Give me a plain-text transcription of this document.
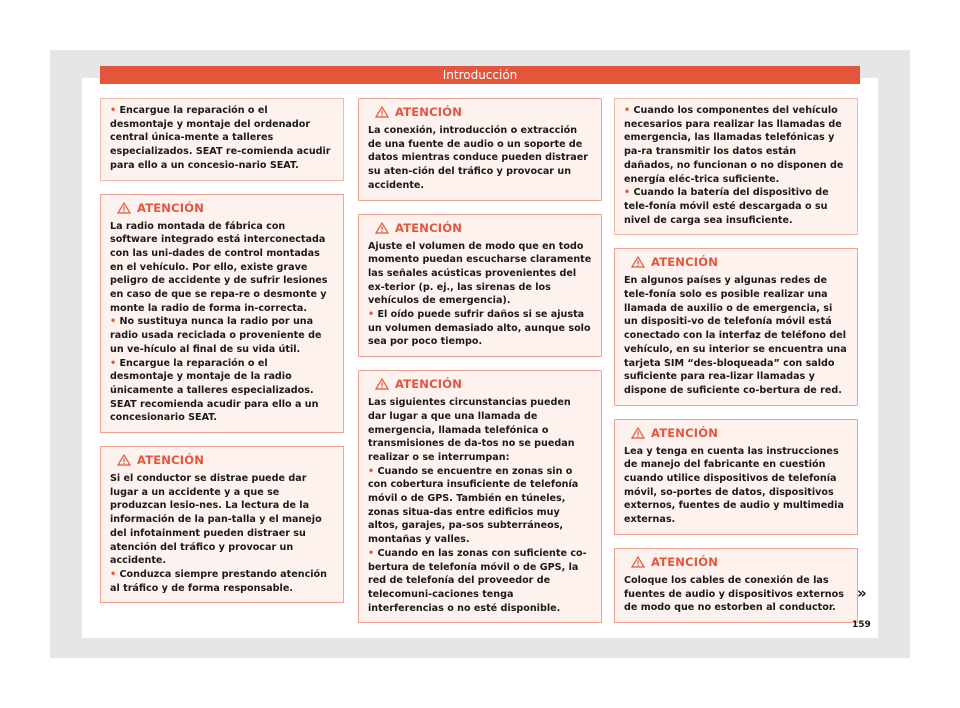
Introducción

• Encargue la reparación o el desmontaje y montaje del ordenador central única-mente a talleres especializados. SEAT re-comienda acudir para ello a un concesio-nario SEAT.

ATENCIÓN

La radio montada de fábrica con software integrado está interconectada con las uni-dades de control montadas en el vehículo. Por ello, existe grave peligro de accidente y de sufrir lesiones en caso de que se repa-re o desmonte y monte la radio de forma in-correcta.

• No sustituya nunca la radio por una radio usada reciclada o proveniente de un ve-hículo al final de su vida útil.

• Encargue la reparación o el desmontaje y montaje de la radio únicamente a talleres especializados. SEAT recomienda acudir para ello a un concesionario SEAT.

ATENCIÓN

Si el conductor se distrae puede dar lugar a un accidente y a que se produzcan lesio-nes. La lectura de la información de la pan-talla y el manejo del infotainment pueden distraer su atención del tráfico y provocar un accidente.

• Conduzca siempre prestando atención al tráfico y de forma responsable.

ATENCIÓN

La conexión, introducción o extracción de una fuente de audio o un soporte de datos mientras conduce pueden distraer su aten-ción del tráfico y provocar un accidente.

ATENCIÓN

Ajuste el volumen de modo que en todo momento puedan escucharse claramente las señales acústicas provenientes del ex-terior (p. ej., las sirenas de los vehículos de emergencia).

• El oído puede sufrir daños si se ajusta un volumen demasiado alto, aunque solo sea por poco tiempo.

ATENCIÓN

Las siguientes circunstancias pueden dar lugar a que una llamada de emergencia, llamada telefónica o transmisiones de da-tos no se puedan realizar o se interrumpan:

• Cuando se encuentre en zonas sin o con cobertura insuficiente de telefonía móvil o de GPS. También en túneles, zonas situa-das entre edificios muy altos, garajes, pa-sos subterráneos, montañas y valles.

• Cuando en las zonas con suficiente co-bertura de telefonía móvil o de GPS, la red de telefonía del proveedor de telecomuni-caciones tenga interferencias o no esté disponible.

• Cuando los componentes del vehículo necesarios para realizar las llamadas de emergencia, las llamadas telefónicas y pa-ra transmitir los datos están dañados, no funcionan o no disponen de energía eléc-trica suficiente.

• Cuando la batería del dispositivo de tele-fonía móvil esté descargada o su nivel de carga sea insuficiente.

ATENCIÓN

En algunos países y algunas redes de tele-fonía solo es posible realizar una llamada de auxilio o de emergencia, si un dispositi-vo de telefonía móvil está conectado con la interfaz de teléfono del vehículo, en su interior se encuentra una tarjeta SIM “des-bloqueada” con saldo suficiente para rea-lizar llamadas y dispone de suficiente co-bertura de red.

ATENCIÓN

Lea y tenga en cuenta las instrucciones de manejo del fabricante en cuestión cuando utilice dispositivos de telefonía móvil, so-portes de datos, dispositivos externos, fuentes de audio y multimedia externas.

ATENCIÓN

Coloque los cables de conexión de las fuentes de audio y dispositivos externos de modo que no estorben al conductor.

»
159
